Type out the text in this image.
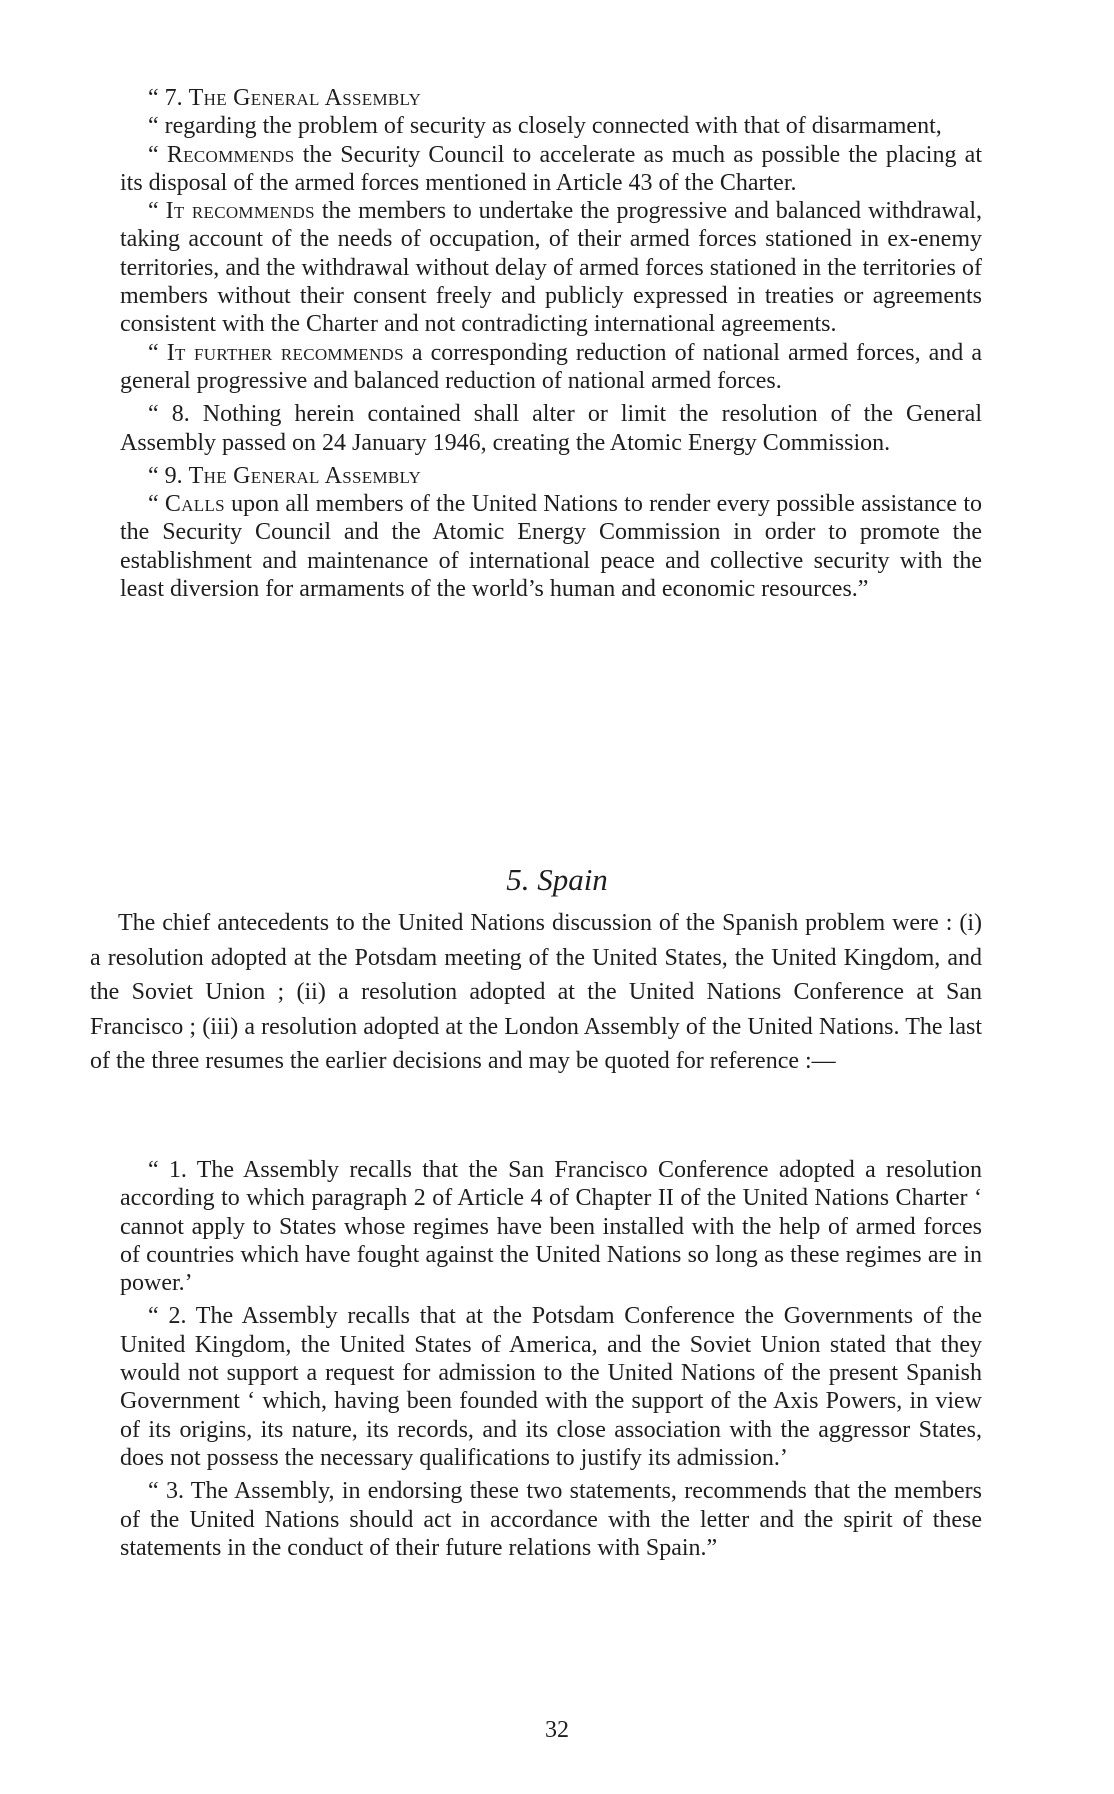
“ 7. The General Assembly

“ regarding the problem of security as closely connected with that of disarmament,

“ Recommends the Security Council to accelerate as much as possible the placing at its disposal of the armed forces mentioned in Article 43 of the Charter.

“ It recommends the members to undertake the progressive and balanced withdrawal, taking account of the needs of occupation, of their armed forces stationed in ex-enemy territories, and the withdrawal without delay of armed forces stationed in the territories of members without their consent freely and publicly expressed in treaties or agreements consistent with the Charter and not contradicting international agreements.

“ It further recommends a corresponding reduction of national armed forces, and a general progressive and balanced reduction of national armed forces.

“ 8. Nothing herein contained shall alter or limit the resolution of the General Assembly passed on 24 January 1946, creating the Atomic Energy Commission.

“ 9. The General Assembly

“ Calls upon all members of the United Nations to render every possible assistance to the Security Council and the Atomic Energy Commission in order to promote the establishment and maintenance of international peace and collective security with the least diversion for armaments of the world’s human and economic resources.”

5. Spain

The chief antecedents to the United Nations discussion of the Spanish problem were : (i) a resolution adopted at the Potsdam meeting of the United States, the United Kingdom, and the Soviet Union ; (ii) a resolution adopted at the United Nations Conference at San Francisco ; (iii) a resolution adopted at the London Assembly of the United Nations. The last of the three resumes the earlier decisions and may be quoted for reference :—

“ 1. The Assembly recalls that the San Francisco Conference adopted a resolution according to which paragraph 2 of Article 4 of Chapter II of the United Nations Charter ‘ cannot apply to States whose regimes have been installed with the help of armed forces of countries which have fought against the United Nations so long as these regimes are in power.’

“ 2. The Assembly recalls that at the Potsdam Conference the Governments of the United Kingdom, the United States of America, and the Soviet Union stated that they would not support a request for admission to the United Nations of the present Spanish Government ‘ which, having been founded with the support of the Axis Powers, in view of its origins, its nature, its records, and its close association with the aggressor States, does not possess the necessary qualifications to justify its admission.’

“ 3. The Assembly, in endorsing these two statements, recommends that the members of the United Nations should act in accordance with the letter and the spirit of these statements in the conduct of their future relations with Spain.”

32
